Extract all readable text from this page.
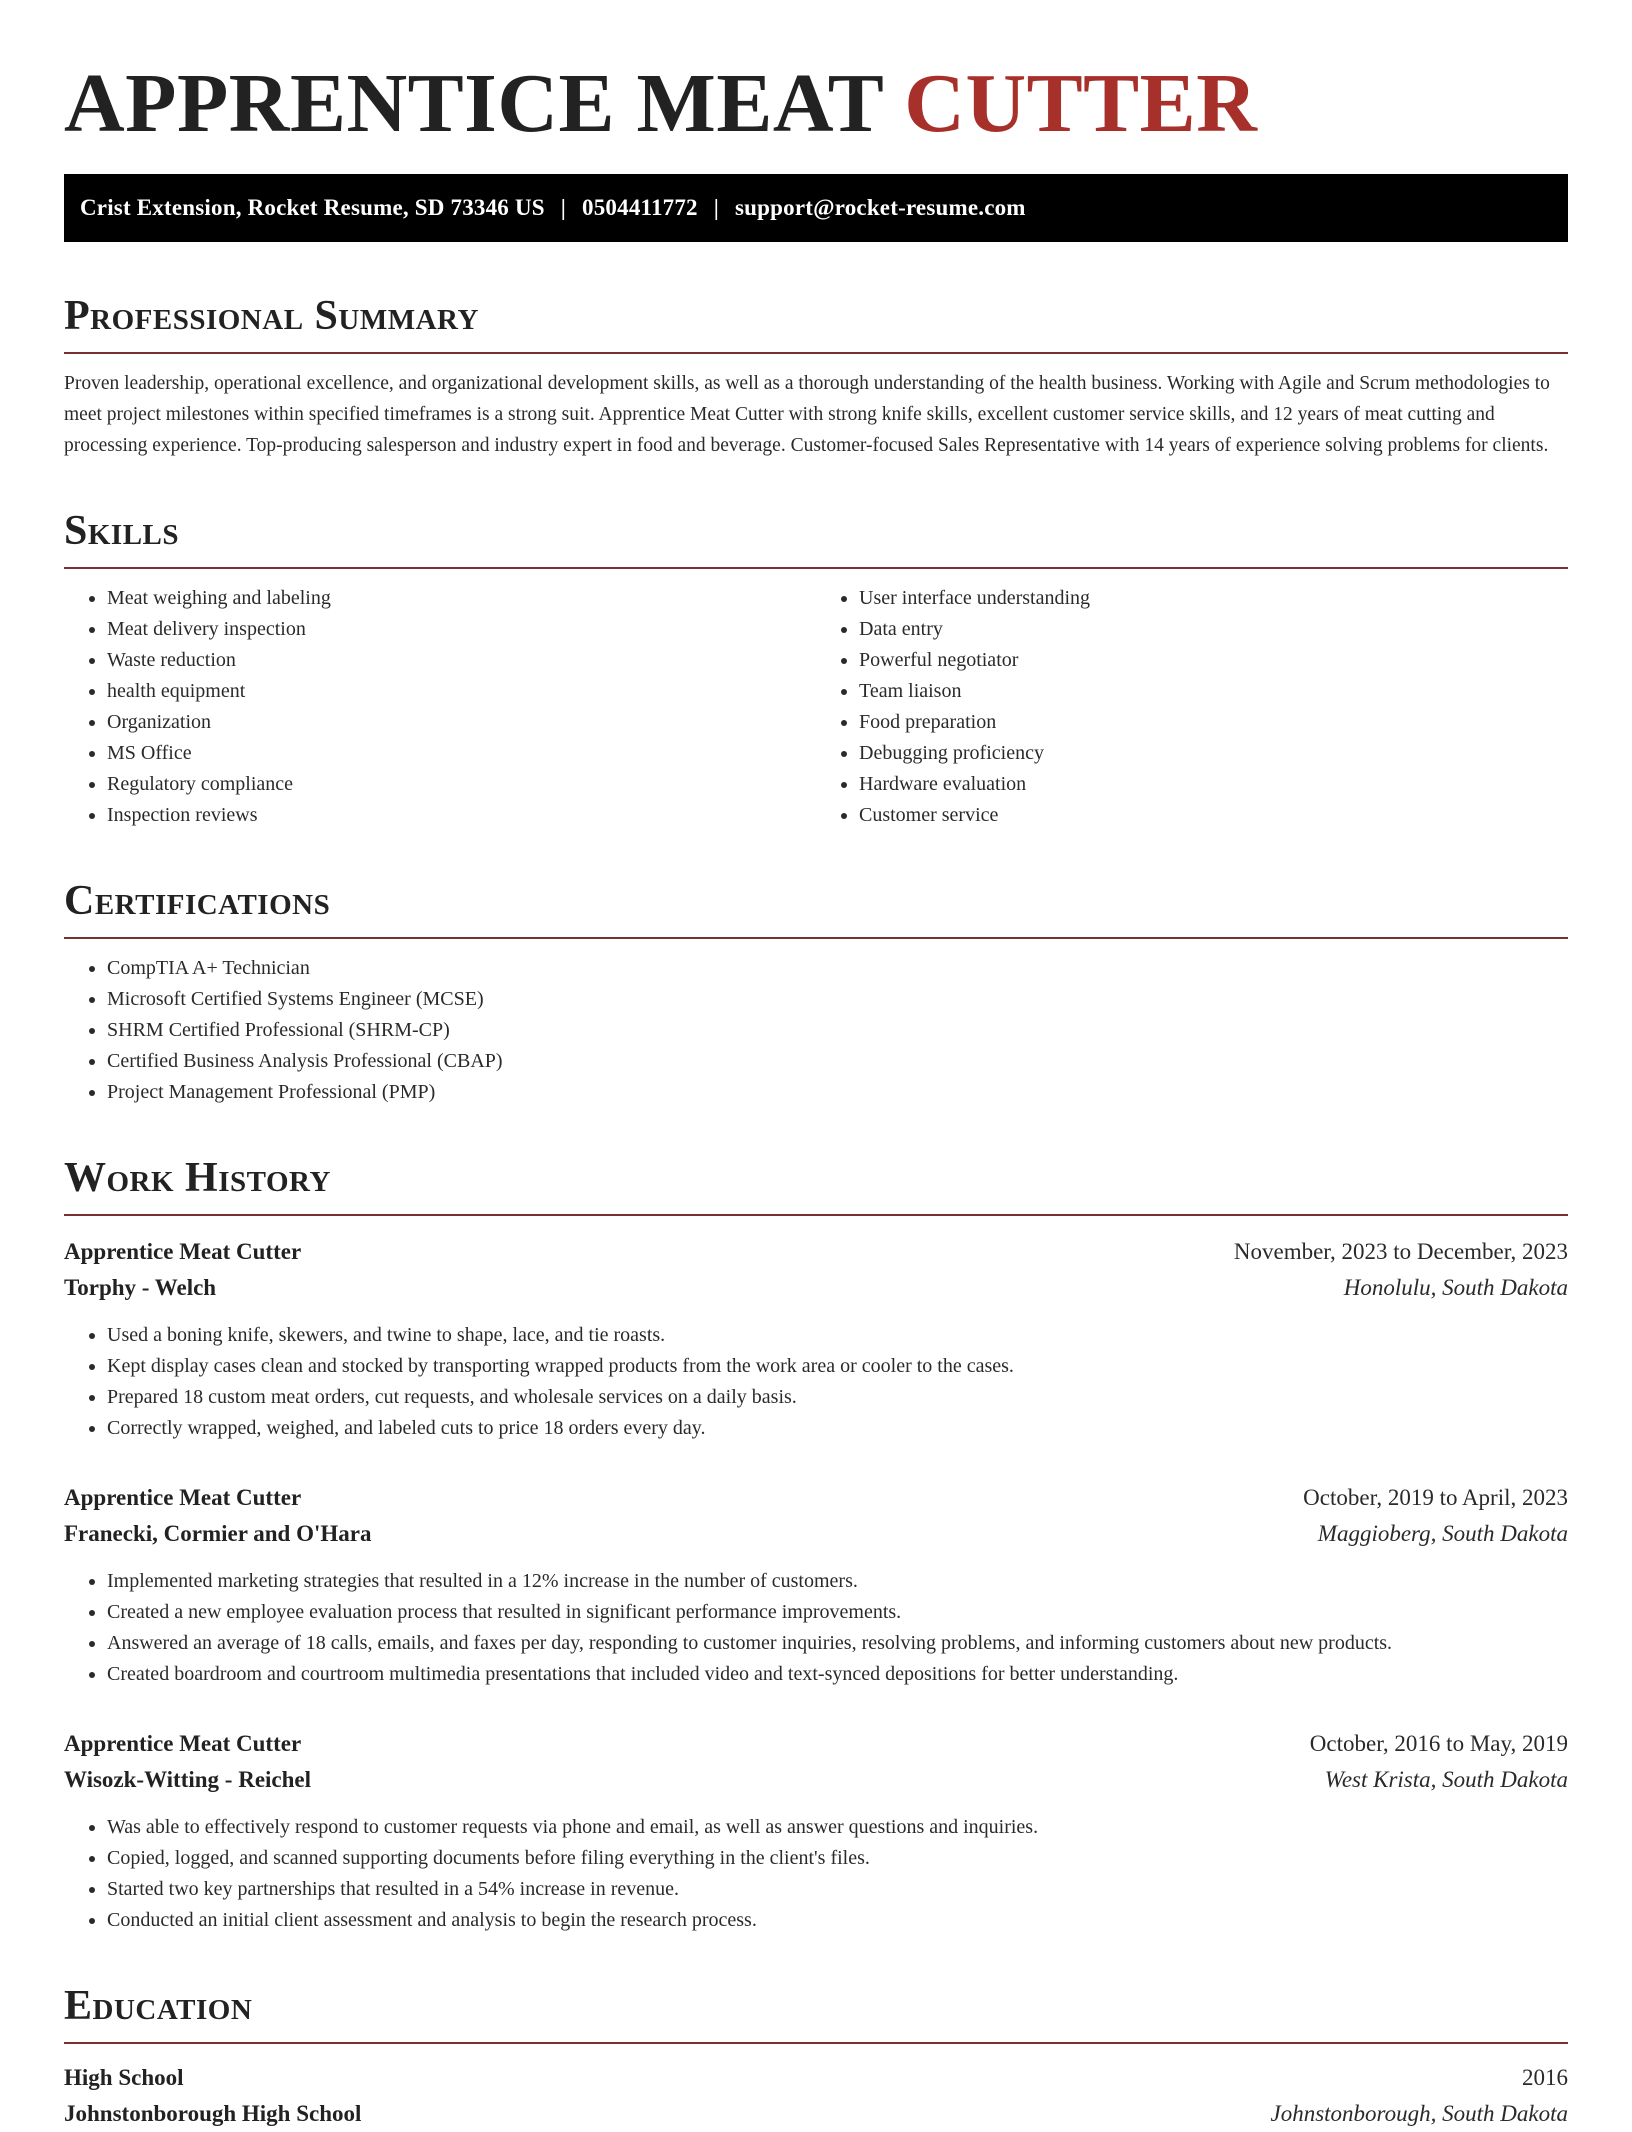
APPRENTICE MEAT CUTTER
Crist Extension, Rocket Resume, SD 73346 US | 0504411772 | support@rocket-resume.com
Professional Summary

Proven leadership, operational excellence, and organizational development skills, as well as a thorough understanding of the health business. Working with Agile and Scrum methodologies to meet project milestones within specified timeframes is a strong suit. Apprentice Meat Cutter with strong knife skills, excellent customer service skills, and 12 years of meat cutting and processing experience. Top-producing salesperson and industry expert in food and beverage. Customer-focused Sales Representative with 14 years of experience solving problems for clients.

Skills
• Meat weighing and labeling
• Meat delivery inspection
• Waste reduction
• health equipment
• Organization
• MS Office
• Regulatory compliance
• Inspection reviews
• User interface understanding
• Data entry
• Powerful negotiator
• Team liaison
• Food preparation
• Debugging proficiency
• Hardware evaluation
• Customer service
Certifications
• CompTIA A+ Technician
• Microsoft Certified Systems Engineer (MCSE)
• SHRM Certified Professional (SHRM-CP)
• Certified Business Analysis Professional (CBAP)
• Project Management Professional (PMP)
Work History
Apprentice Meat Cutter	November, 2023 to December, 2023
Torphy - Welch	Honolulu, South Dakota
• Used a boning knife, skewers, and twine to shape, lace, and tie roasts.
• Kept display cases clean and stocked by transporting wrapped products from the work area or cooler to the cases.
• Prepared 18 custom meat orders, cut requests, and wholesale services on a daily basis.
• Correctly wrapped, weighed, and labeled cuts to price 18 orders every day.
Apprentice Meat Cutter	October, 2019 to April, 2023
Franecki, Cormier and O'Hara	Maggioberg, South Dakota
• Implemented marketing strategies that resulted in a 12% increase in the number of customers.
• Created a new employee evaluation process that resulted in significant performance improvements.
• Answered an average of 18 calls, emails, and faxes per day, responding to customer inquiries, resolving problems, and informing customers about new products.
• Created boardroom and courtroom multimedia presentations that included video and text-synced depositions for better understanding.
Apprentice Meat Cutter	October, 2016 to May, 2019
Wisozk-Witting - Reichel	West Krista, South Dakota
• Was able to effectively respond to customer requests via phone and email, as well as answer questions and inquiries.
• Copied, logged, and scanned supporting documents before filing everything in the client's files.
• Started two key partnerships that resulted in a 54% increase in revenue.
• Conducted an initial client assessment and analysis to begin the research process.
Education
High School	2016
Johnstonborough High School	Johnstonborough, South Dakota
